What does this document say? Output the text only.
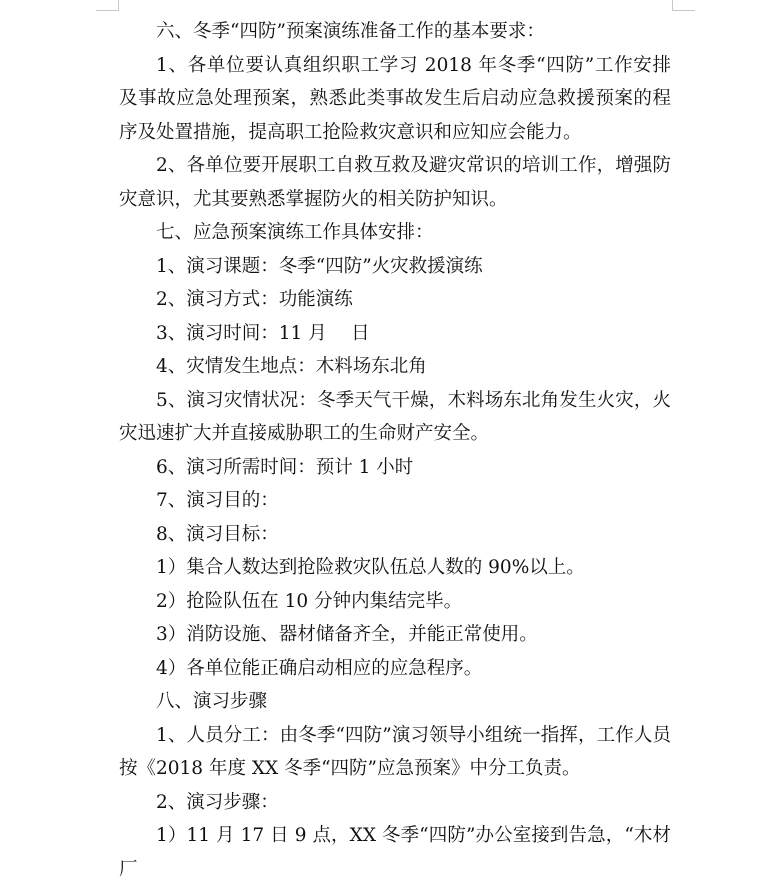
六、冬季“四防”预案演练准备工作的基本要求：

1、各单位要认真组织职工学习 2018 年冬季“四防”工作安排及事故应急处理预案，熟悉此类事故发生后启动应急救援预案的程序及处置措施，提高职工抢险救灾意识和应知应会能力。

2、各单位要开展职工自救互救及避灾常识的培训工作，增强防灾意识，尤其要熟悉掌握防火的相关防护知识。

七、应急预案演练工作具体安排：

1、演习课题：冬季“四防”火灾救援演练

2、演习方式：功能演练

3、演习时间：11 月　 日

4、灾情发生地点：木料场东北角

5、演习灾情状况：冬季天气干燥，木料场东北角发生火灾，火灾迅速扩大并直接威胁职工的生命财产安全。

6、演习所需时间：预计 1 小时

7、演习目的：

8、演习目标：

1）集合人数达到抢险救灾队伍总人数的 90%以上。

2）抢险队伍在 10 分钟内集结完毕。

3）消防设施、器材储备齐全，并能正常使用。

4）各单位能正确启动相应的应急程序。

八、演习步骤

1、人员分工：由冬季“四防”演习领导小组统一指挥，工作人员按《2018 年度 XX 冬季“四防”应急预案》中分工负责。

2、演习步骤：

1）11 月 17 日 9 点，XX 冬季“四防”办公室接到告急，“木材厂
